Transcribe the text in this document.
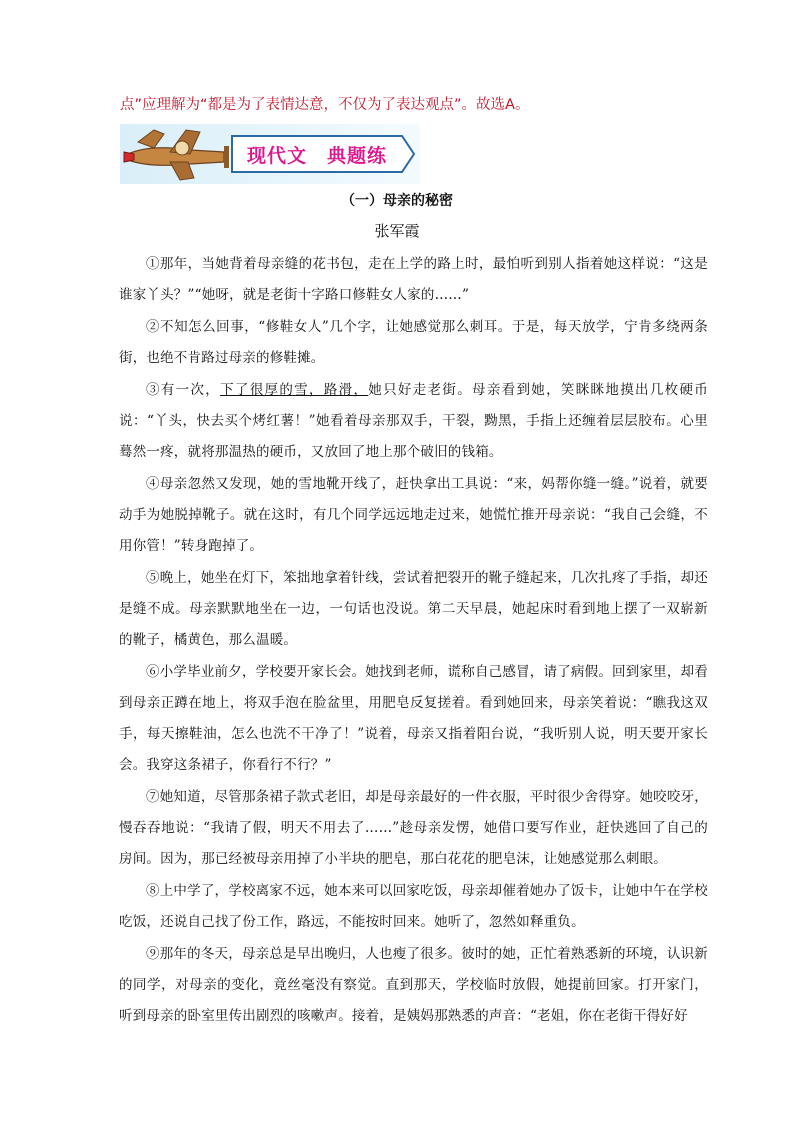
点”应理解为“都是为了表情达意，不仅为了表达观点”。故选A。
现代文　典题练
（一）母亲的秘密
张军霞

①那年，当她背着母亲缝的花书包，走在上学的路上时，最怕听到别人指着她这样说：“这是谁家丫头？”“她呀，就是老街十字路口修鞋女人家的……”

②不知怎么回事，“修鞋女人”几个字，让她感觉那么刺耳。于是，每天放学，宁肯多绕两条街，也绝不肯路过母亲的修鞋摊。

③有一次，下了很厚的雪，路滑，她只好走老街。母亲看到她，笑眯眯地摸出几枚硬币说：“丫头，快去买个烤红薯！”她看着母亲那双手，干裂，黝黑，手指上还缠着层层胶布。心里蓦然一疼，就将那温热的硬币，又放回了地上那个破旧的钱箱。

④母亲忽然又发现，她的雪地靴开线了，赶快拿出工具说：“来，妈帮你缝一缝。”说着，就要动手为她脱掉靴子。就在这时，有几个同学远远地走过来，她慌忙推开母亲说：“我自己会缝，不用你管！”转身跑掉了。

⑤晚上，她坐在灯下，笨拙地拿着针线，尝试着把裂开的靴子缝起来，几次扎疼了手指，却还是缝不成。母亲默默地坐在一边，一句话也没说。第二天早晨，她起床时看到地上摆了一双崭新的靴子，橘黄色，那么温暖。

⑥小学毕业前夕，学校要开家长会。她找到老师，谎称自己感冒，请了病假。回到家里，却看到母亲正蹲在地上，将双手泡在脸盆里，用肥皂反复搓着。看到她回来，母亲笑着说：“瞧我这双手，每天擦鞋油，怎么也洗不干净了！”说着，母亲又指着阳台说，“我听别人说，明天要开家长会。我穿这条裙子，你看行不行？”

⑦她知道，尽管那条裙子款式老旧，却是母亲最好的一件衣服，平时很少舍得穿。她咬咬牙，慢吞吞地说：“我请了假，明天不用去了……”趁母亲发愣，她借口要写作业，赶快逃回了自己的房间。因为，那已经被母亲用掉了小半块的肥皂，那白花花的肥皂沫，让她感觉那么刺眼。

⑧上中学了，学校离家不远，她本来可以回家吃饭，母亲却催着她办了饭卡，让她中午在学校吃饭，还说自己找了份工作，路远，不能按时回来。她听了，忽然如释重负。

⑨那年的冬天，母亲总是早出晚归，人也瘦了很多。彼时的她，正忙着熟悉新的环境，认识新的同学，对母亲的变化，竟丝毫没有察觉。直到那天，学校临时放假，她提前回家。打开家门，听到母亲的卧室里传出剧烈的咳嗽声。接着，是姨妈那熟悉的声音：“老姐，你在老街干得好好
